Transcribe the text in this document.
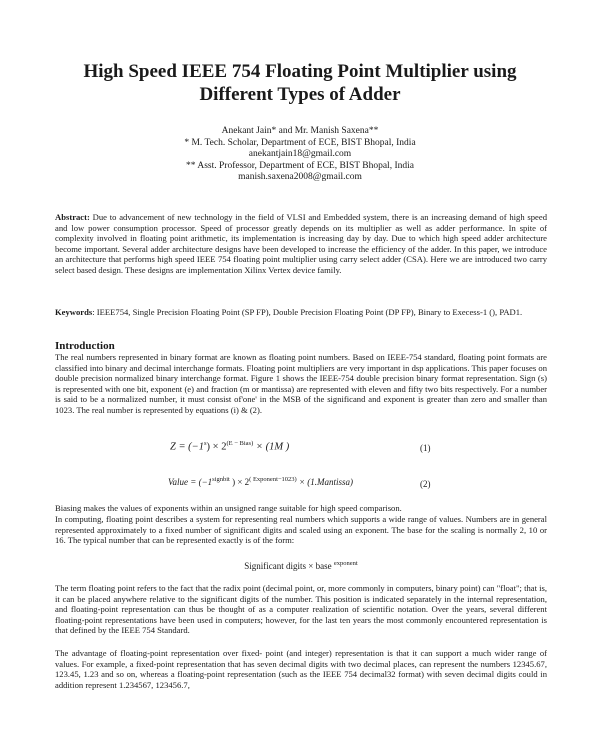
High Speed IEEE 754 Floating Point Multiplier using
Different Types of Adder
Anekant Jain* and Mr. Manish Saxena**
* M. Tech. Scholar, Department of ECE, BIST Bhopal, India
anekantjain18@gmail.com
** Asst. Professor, Department of ECE, BIST Bhopal, India
manish.saxena2008@gmail.com
Abstract: Due to advancement of new technology in the field of VLSI and Embedded system, there is an increasing demand of high speed and low power consumption processor. Speed of processor greatly depends on its multiplier as well as adder performance. In spite of complexity involved in floating point arithmetic, its implementation is increasing day by day. Due to which high speed adder architecture become important. Several adder architecture designs have been developed to increase the efficiency of the adder. In this paper, we introduce an architecture that performs high speed IEEE 754 floating point multiplier using carry select adder (CSA). Here we are introduced two carry select based design. These designs are implementation Xilinx Vertex device family.
Keywords: IEEE754, Single Precision Floating Point (SP FP), Double Precision Floating Point (DP FP), Binary to Execess-1 (), PAD1.
Introduction
The real numbers represented in binary format are known as floating point numbers. Based on IEEE-754 standard, floating point formats are classified into binary and decimal interchange formats. Floating point multipliers are very important in dsp applications. This paper focuses on double precision normalized binary interchange format. Figure 1 shows the IEEE-754 double precision binary format representation. Sign (s) is represented with one bit, exponent (e) and fraction (m or mantissa) are represented with eleven and fifty two bits respectively. For a number is said to be a normalized number, it must consist of'one' in the MSB of the significand and exponent is greater than zero and smaller than 1023. The real number is represented by equations (i) & (2).
$Z = (-1^s) \times 2^{(E - Bias)} \times (1M$ )	(1)
Value = ($-1^{signbit}$ ) × $2^{( Exponent-1023)}$ × (1.Mantissa)	(2)
Biasing makes the values of exponents within an unsigned range suitable for high speed comparison.
In computing, floating point describes a system for representing real numbers which supports a wide range of values. Numbers are in general represented approximately to a fixed number of significant digits and scaled using an exponent. The base for the scaling is normally 2, 10 or 16. The typical number that can be represented exactly is of the form:
Significant digits × base $^{exponent}$
The term floating point refers to the fact that the radix point (decimal point, or, more commonly in computers, binary point) can "float"; that is, it can be placed anywhere relative to the significant digits of the number. This position is indicated separately in the internal representation, and floating-point representation can thus be thought of as a computer realization of scientific notation. Over the years, several different floating-point representations have been used in computers; however, for the last ten years the most commonly encountered representation is that defined by the IEEE 754 Standard.
The advantage of floating-point representation over fixed- point (and integer) representation is that it can support a much wider range of values. For example, a fixed-point representation that has seven decimal digits with two decimal places, can represent the numbers 12345.67, 123.45, 1.23 and so on, whereas a floating-point representation (such as the IEEE 754 decimal32 format) with seven decimal digits could in addition represent 1.234567, 123456.7,
